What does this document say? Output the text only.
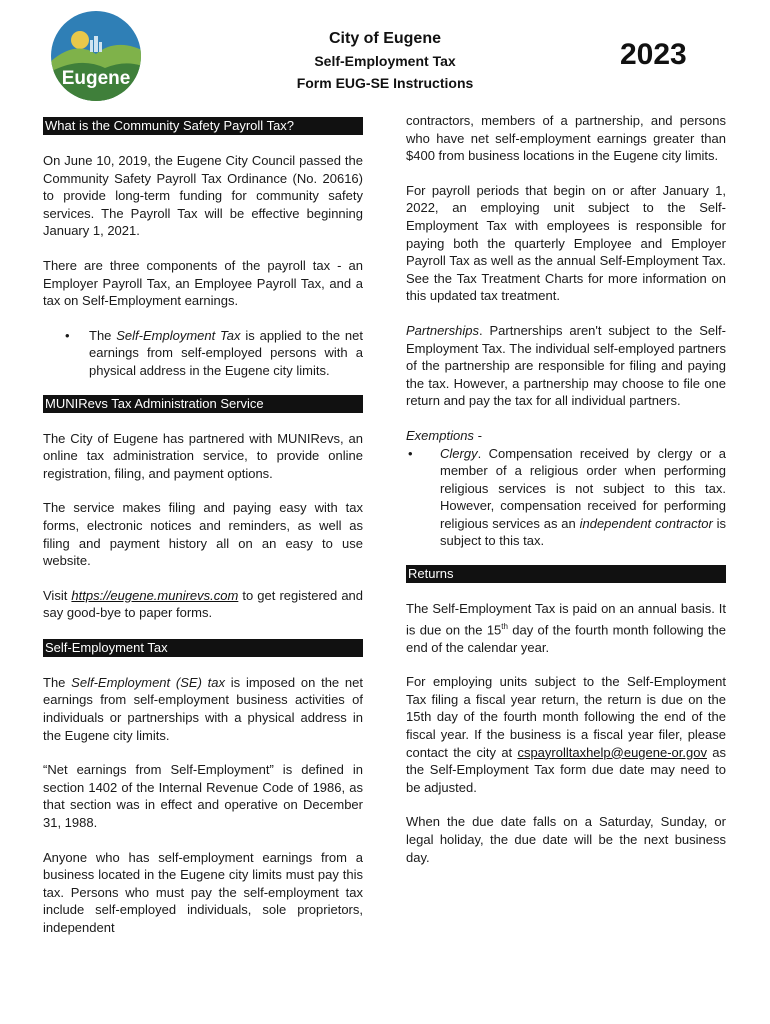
Eugene
City of Eugene
Self-Employment Tax
Form EUG-SE Instructions
2023
What is the Community Safety Payroll Tax?

On June 10, 2019, the Eugene City Council passed the Community Safety Payroll Tax Ordinance (No. 20616) to provide long-term funding for community safety services. The Payroll Tax will be effective beginning January 1, 2021.

There are three components of the payroll tax - an Employer Payroll Tax, an Employee Payroll Tax, and a tax on Self-Employment earnings.

•	The Self-Employment Tax is applied to the net earnings from self-employed persons with a physical address in the Eugene city limits.
MUNIRevs Tax Administration Service

The City of Eugene has partnered with MUNIRevs, an online tax administration service, to provide online registration, filing, and payment options.

The service makes filing and paying easy with tax forms, electronic notices and reminders, as well as filing and payment history all on an easy to use website.

Visit https://eugene.munirevs.com to get registered and say good-bye to paper forms.

Self-Employment Tax

The Self-Employment (SE) tax is imposed on the net earnings from self-employment business activities of individuals or partnerships with a physical address in the Eugene city limits.

“Net earnings from Self-Employment” is defined in section 1402 of the Internal Revenue Code of 1986, as that section was in effect and operative on December 31, 1988.

Anyone who has self-employment earnings from a business located in the Eugene city limits must pay this tax. Persons who must pay the self-employment tax include self-employed individuals, sole proprietors, independent

contractors, members of a partnership, and persons who have net self-employment earnings greater than $400 from business locations in the Eugene city limits.

For payroll periods that begin on or after January 1, 2022, an employing unit subject to the Self-Employment Tax with employees is responsible for paying both the quarterly Employee and Employer Payroll Tax as well as the annual Self-Employment Tax. See the Tax Treatment Charts for more information on this updated tax treatment.

Partnerships. Partnerships aren't subject to the Self-Employment Tax. The individual self-employed partners of the partnership are responsible for filing and paying the tax. However, a partnership may choose to file one return and pay the tax for all individual partners.

Exemptions -

•	Clergy. Compensation received by clergy or a member of a religious order when performing religious services is not subject to this tax. However, compensation received for performing religious services as an independent contractor is subject to this tax.
Returns

The Self-Employment Tax is paid on an annual basis. It is due on the 15th day of the fourth month following the end of the calendar year.

For employing units subject to the Self-Employment Tax filing a fiscal year return, the return is due on the 15th day of the fourth month following the end of the fiscal year. If the business is a fiscal year filer, please contact the city at cspayrolltaxhelp@eugene-or.gov as the Self-Employment Tax form due date may need to be adjusted.

When the due date falls on a Saturday, Sunday, or legal holiday, the due date will be the next business day.
